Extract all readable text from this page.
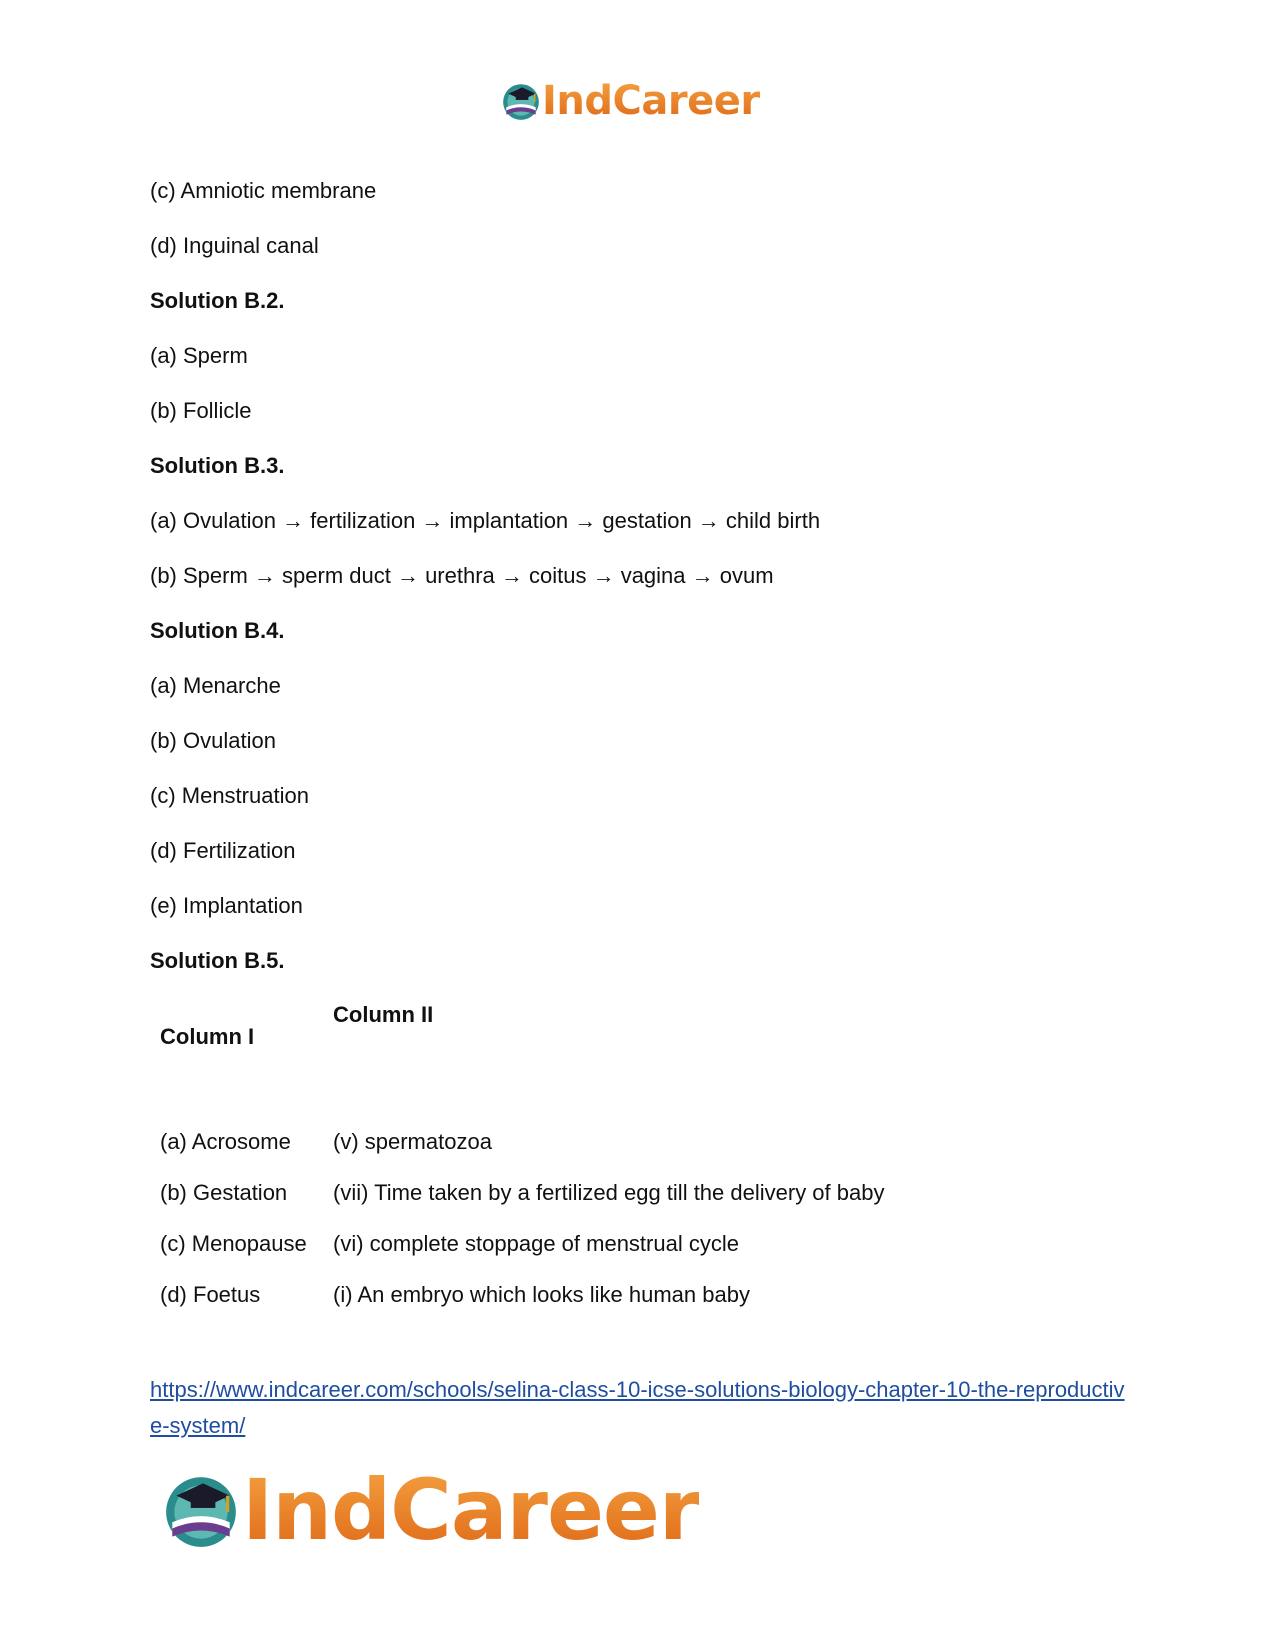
IndCareer
(c) Amniotic membrane
(d) Inguinal canal
Solution B.2.
(a) Sperm
(b) Follicle
Solution B.3.
(a) Ovulation → fertilization → implantation → gestation → child birth
(b) Sperm → sperm duct → urethra → coitus → vagina → ovum
Solution B.4.
(a) Menarche
(b) Ovulation
(c) Menstruation
(d) Fertilization
(e) Implantation
Solution B.5.
Column I	Column II
(a) Acrosome	(v) spermatozoa
(b) Gestation	(vii) Time taken by a fertilized egg till the delivery of baby
(c) Menopause	(vi) complete stoppage of menstrual cycle
(d) Foetus	(i) An embryo which looks like human baby
https://www.indcareer.com/schools/selina-class-10-icse-solutions-biology-chapter-10-the-reproductive-system/
IndCareer
